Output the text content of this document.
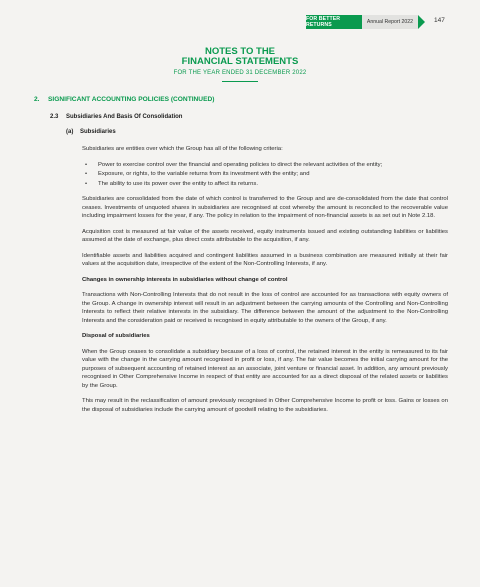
FOR BETTER RETURNS	Annual Report 2022	147
NOTES TO THE
FINANCIAL STATEMENTS
FOR THE YEAR ENDED 31 DECEMBER 2022
2. SIGNIFICANT ACCOUNTING POLICIES (CONTINUED)
2.3 Subsidiaries And Basis Of Consolidation
(a) Subsidiaries

Subsidiaries are entities over which the Group has all of the following criteria:

• Power to exercise control over the financial and operating policies to direct the relevant activities of the entity;
• Exposure, or rights, to the variable returns from its investment with the entity; and
• The ability to use its power over the entity to affect its returns.

Subsidiaries are consolidated from the date of which control is transferred to the Group and are de-consolidated from the date that control ceases. Investments of unquoted shares in subsidiaries are recognised at cost whereby the amount is reconciled to the recoverable value including impairment losses for the year, if any. The policy in relation to the impairment of non-financial assets is as set out in Note 2.18.

Acquisition cost is measured at fair value of the assets received, equity instruments issued and existing outstanding liabilities or liabilities assumed at the date of exchange, plus direct costs attributable to the acquisition, if any.

Identifiable assets and liabilities acquired and contingent liabilities assumed in a business combination are measured initially at their fair values at the acquisition date, irrespective of the extent of the Non-Controlling Interests, if any.

Changes in ownership interests in subsidiaries without change of control

Transactions with Non-Controlling Interests that do not result in the loss of control are accounted for as transactions with equity owners of the Group. A change in ownership interest will result in an adjustment between the carrying amounts of the Controlling and Non-Controlling Interests to reflect their relative interests in the subsidiary. The difference between the amount of the adjustment to the Non-Controlling Interests and the consideration paid or received is recognised in equity attributable to the owners of the Group, if any.

Disposal of subsidiaries

When the Group ceases to consolidate a subsidiary because of a loss of control, the retained interest in the entity is remeasured to its fair value with the change in the carrying amount recognised in profit or loss, if any. The fair value becomes the initial carrying amount for the purposes of subsequent accounting of retained interest as an associate, joint venture or financial asset. In addition, any amount previously recognised in Other Comprehensive Income in respect of that entity are accounted for as a direct disposal of the related assets or liabilities by the Group.

This may result in the reclassification of amount previously recognised in Other Comprehensive Income to profit or loss. Gains or losses on the disposal of subsidiaries include the carrying amount of goodwill relating to the subsidiaries.
